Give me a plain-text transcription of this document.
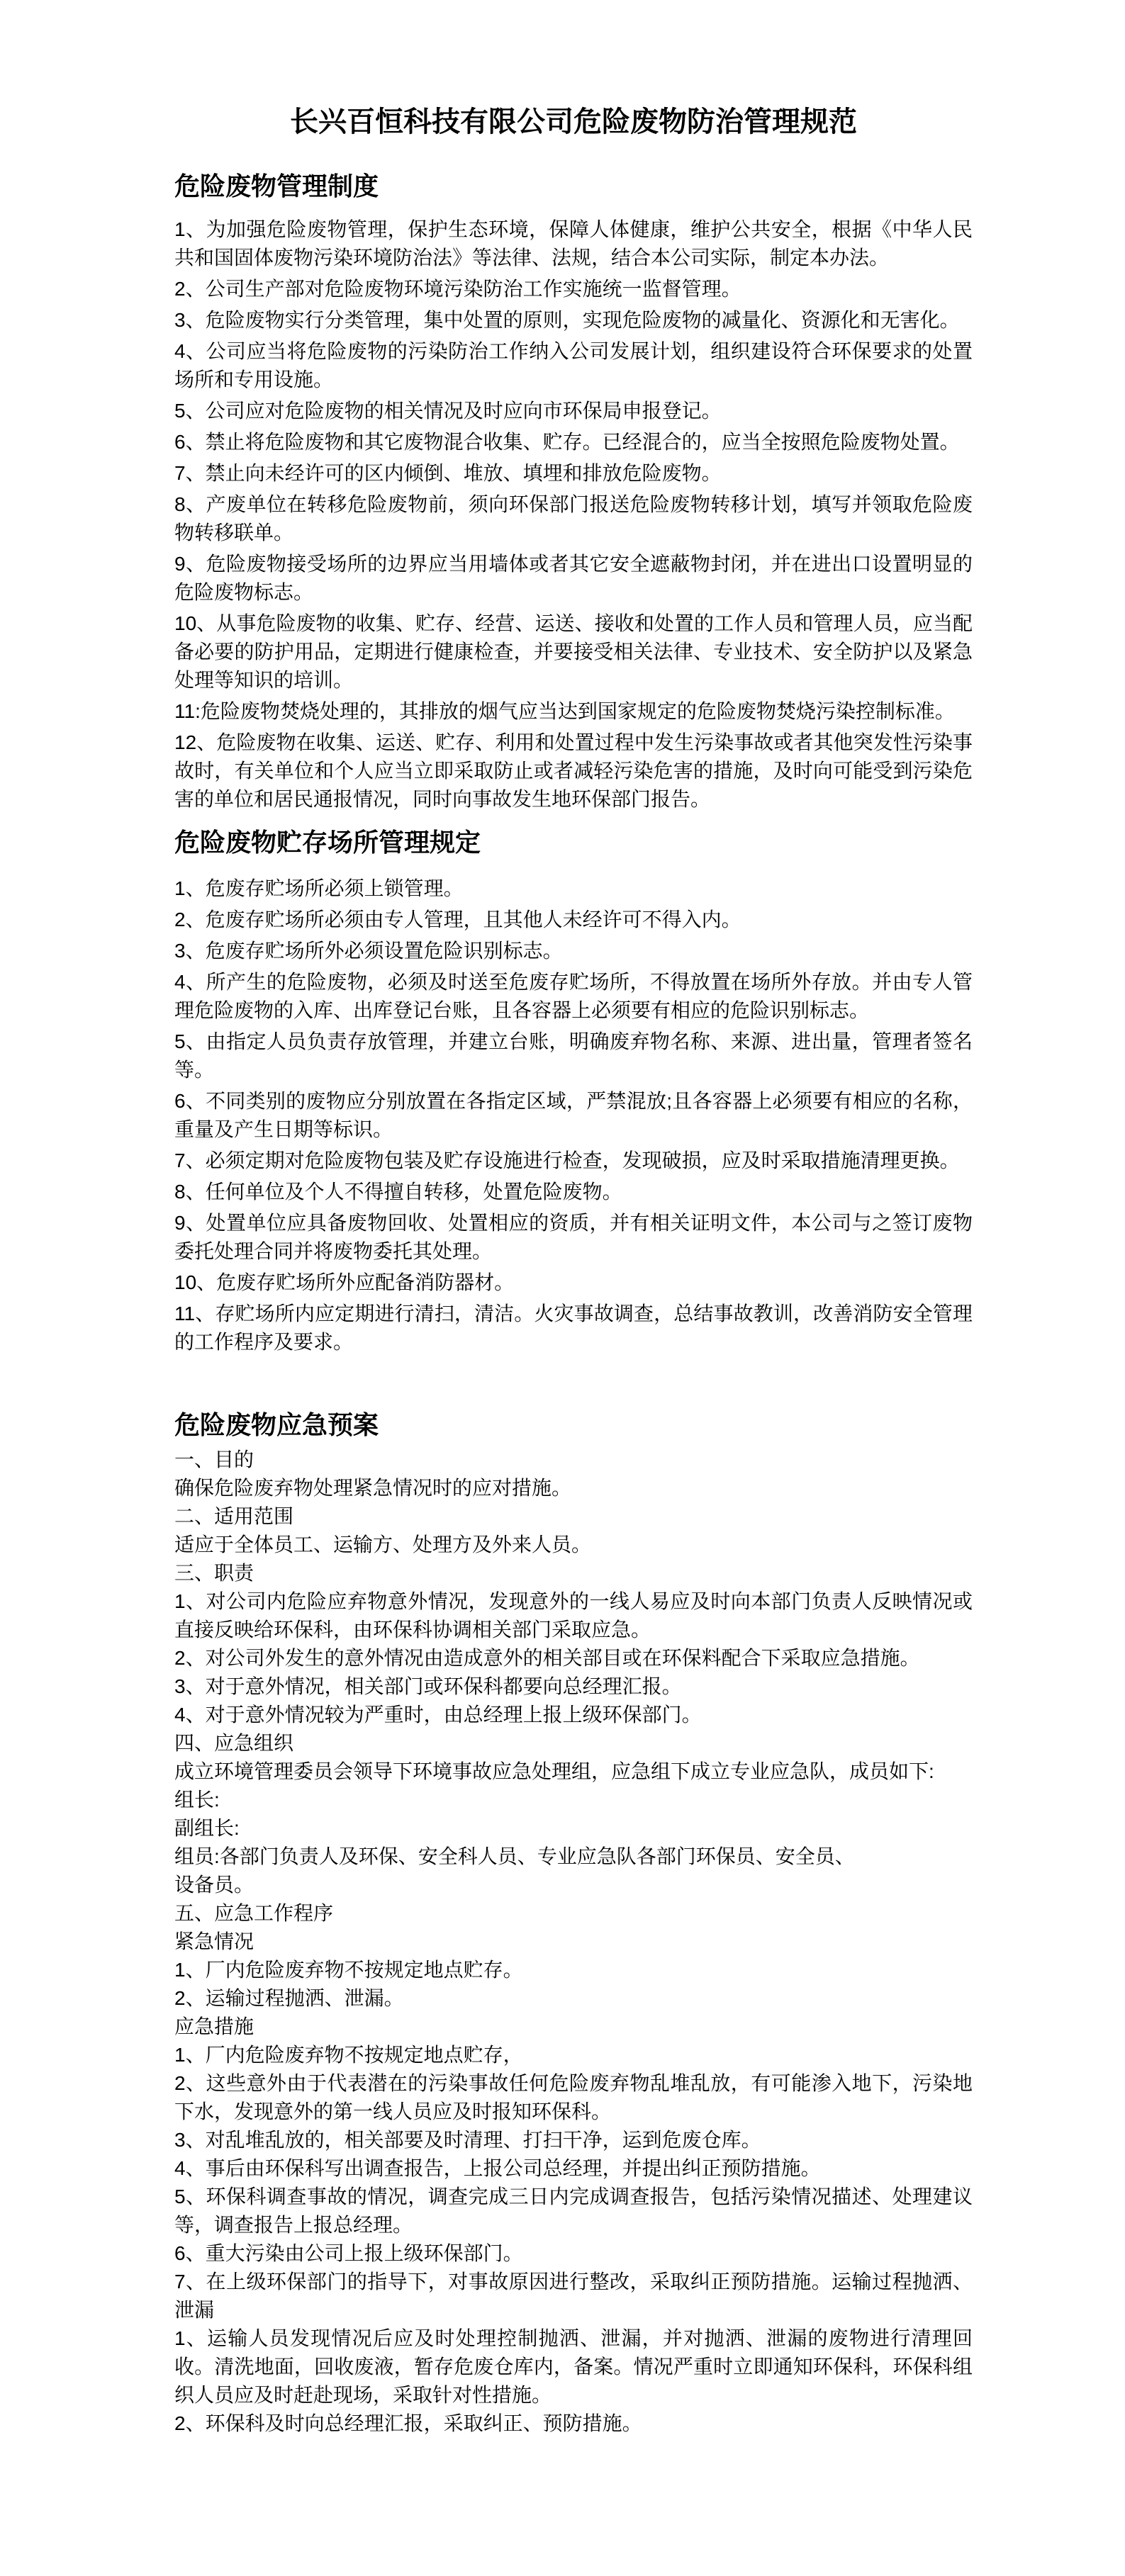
长兴百恒科技有限公司危险废物防治管理规范
危险废物管理制度

1、为加强危险废物管理，保护生态环境，保障人体健康，维护公共安全，根据《中华人民共和国固体废物污染环境防治法》等法律、法规，结合本公司实际，制定本办法。

2、公司生产部对危险废物环境污染防治工作实施统一监督管理。

3、危险废物实行分类管理，集中处置的原则，实现危险废物的减量化、资源化和无害化。

4、公司应当将危险废物的污染防治工作纳入公司发展计划，组织建设符合环保要求的处置场所和专用设施。

5、公司应对危险废物的相关情况及时应向市环保局申报登记。

6、禁止将危险废物和其它废物混合收集、贮存。已经混合的，应当全按照危险废物处置。

7、禁止向未经许可的区内倾倒、堆放、填埋和排放危险废物。

8、产废单位在转移危险废物前，须向环保部门报送危险废物转移计划，填写并领取危险废物转移联单。

9、危险废物接受场所的边界应当用墙体或者其它安全遮蔽物封闭，并在进出口设置明显的危险废物标志。

10、从事危险废物的收集、贮存、经营、运送、接收和处置的工作人员和管理人员，应当配备必要的防护用品，定期进行健康检查，并要接受相关法律、专业技术、安全防护以及紧急处理等知识的培训。

11:危险废物焚烧处理的，其排放的烟气应当达到国家规定的危险废物焚烧污染控制标准。

12、危险废物在收集、运送、贮存、利用和处置过程中发生污染事故或者其他突发性污染事故时，有关单位和个人应当立即采取防止或者减轻污染危害的措施，及时向可能受到污染危害的单位和居民通报情况，同时向事故发生地环保部门报告。

危险废物贮存场所管理规定

1、危废存贮场所必须上锁管理。

2、危废存贮场所必须由专人管理，且其他人未经许可不得入内。

3、危废存贮场所外必须设置危险识别标志。

4、所产生的危险废物，必须及时送至危废存贮场所，不得放置在场所外存放。并由专人管理危险废物的入库、出库登记台账，且各容器上必须要有相应的危险识别标志。

5、由指定人员负责存放管理，并建立台账，明确废弃物名称、来源、进出量，管理者签名等。

6、不同类别的废物应分别放置在各指定区域，严禁混放;且各容器上必须要有相应的名称，重量及产生日期等标识。

7、必须定期对危险废物包装及贮存设施进行检查，发现破损，应及时采取措施清理更换。

8、任何单位及个人不得擅自转移，处置危险废物。

9、处置单位应具备废物回收、处置相应的资质，并有相关证明文件，本公司与之签订废物委托处理合同并将废物委托其处理。

10、危废存贮场所外应配备消防器材。

11、存贮场所内应定期进行清扫，清洁。火灾事故调查，总结事故教训，改善消防安全管理的工作程序及要求。

危险废物应急预案

一、目的

确保危险废弃物处理紧急情况时的应对措施。

二、适用范围

适应于全体员工、运输方、处理方及外来人员。

三、职责

1、对公司内危险应弃物意外情况，发现意外的一线人易应及时向本部门负责人反映情况或直接反映给环保科，由环保科协调相关部门采取应急。

2、对公司外发生的意外情况由造成意外的相关部目或在环保料配合下采取应急措施。

3、对于意外情况，相关部门或环保科都要向总经理汇报。

4、对于意外情况较为严重时，由总经理上报上级环保部门。

四、应急组织

成立环境管理委员会领导下环境事故应急处理组，应急组下成立专业应急队，成员如下:

组长:

副组长:

组员:各部门负责人及环保、安全科人员、专业应急队各部门环保员、安全员、

设备员。

五、应急工作程序

紧急情况

1、厂内危险废弃物不按规定地点贮存。

2、运输过程抛洒、泄漏。

应急措施

1、厂内危险废弃物不按规定地点贮存，

2、这些意外由于代表潜在的污染事故任何危险废弃物乱堆乱放，有可能渗入地下，污染地下水，发现意外的第一线人员应及时报知环保科。

3、对乱堆乱放的，相关部要及时清理、打扫干净，运到危废仓库。

4、事后由环保科写出调查报告，上报公司总经理，并提出纠正预防措施。

5、环保科调查事故的情况，调查完成三日内完成调查报告，包括污染情况描述、处理建议等，调查报告上报总经理。

6、重大污染由公司上报上级环保部门。

7、在上级环保部门的指导下，对事故原因进行整改，采取纠正预防措施。运输过程抛洒、泄漏

1、运输人员发现情况后应及时处理控制抛洒、泄漏，并对抛洒、泄漏的废物进行清理回收。清洗地面，回收废液，暂存危废仓库内，备案。情况严重时立即通知环保科，环保科组织人员应及时赶赴现场，采取针对性措施。

2、环保科及时向总经理汇报，采取纠正、预防措施。
